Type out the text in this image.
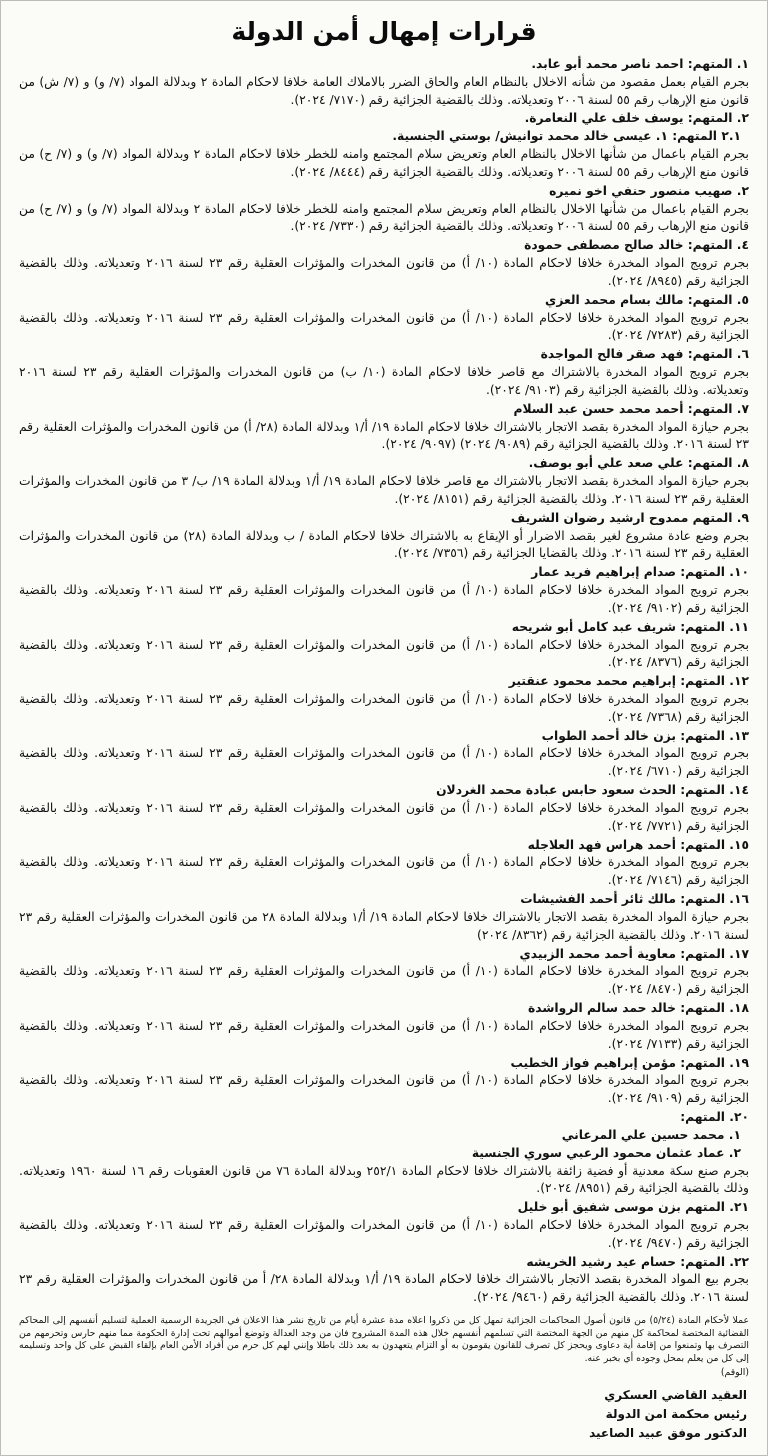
قرارات إمهال أمن الدولة

١. المتهم: احمد ناصر محمد أبو عابد.

بجرم القيام بعمل مقصود من شأنه الاخلال بالنظام العام والحاق الضرر بالاملاك العامة خلافا لاحكام المادة ٢ وبدلالة المواد (٧/ و) و (٧/ ش) من قانون منع الإرهاب رقم ٥٥ لسنة ٢٠٠٦ وتعديلاته. وذلك بالقضية الجزائية رقم (٧١٧٠/ ٢٠٢٤).

٢. المتهم: يوسف خلف علي النعامرة.

٢.١ المتهم: ١. عيسى خالد محمد توانيش/ بوستي الجنسية.

بجرم القيام باعمال من شأنها الاخلال بالنظام العام وتعريض سلام المجتمع وامنه للخطر خلافا لاحكام المادة ٢ وبدلالة المواد (٧/ و) و (٧/ ح) من قانون منع الإرهاب رقم ٥٥ لسنة ٢٠٠٦ وتعديلاته. وذلك بالقضية الجزائية رقم (٨٤٤٤/ ٢٠٢٤).

٢. صهيب منصور حنفي اخو نميره

بجرم القيام باعمال من شأنها الاخلال بالنظام العام وتعريض سلام المجتمع وامنه للخطر خلافا لاحكام المادة ٢ وبدلالة المواد (٧/ و) و (٧/ ح) من قانون منع الإرهاب رقم ٥٥ لسنة ٢٠٠٦ وتعديلاته. وذلك بالقضية الجزائية رقم (٧٣٣٠/ ٢٠٢٤).

٤. المتهم: خالد صالح مصطفى حمودة

بجرم ترويج المواد المخدرة خلافا لاحكام المادة (١٠/ أ) من قانون المخدرات والمؤثرات العقلية رقم ٢٣ لسنة ٢٠١٦ وتعديلاته. وذلك بالقضية الجزائية رقم (٨٩٤٥/ ٢٠٢٤).

٥. المتهم: مالك بسام محمد العزي

بجرم ترويج المواد المخدرة خلافا لاحكام المادة (١٠/ أ) من قانون المخدرات والمؤثرات العقلية رقم ٢٣ لسنة ٢٠١٦ وتعديلاته. وذلك بالقضية الجزائية رقم (٧٢٨٣/ ٢٠٢٤).

٦. المتهم: فهد صقر فالح المواجدة

بجرم ترويج المواد المخدرة بالاشتراك مع قاصر خلافا لاحكام المادة (١٠/ ب) من قانون المخدرات والمؤثرات العقلية رقم ٢٣ لسنة ٢٠١٦ وتعديلاته. وذلك بالقضية الجزائية رقم (٩١٠٣/ ٢٠٢٤).

٧. المتهم: أحمد محمد حسن عبد السلام

بجرم حيازة المواد المخدرة بقصد الاتجار بالاشتراك خلافا لاحكام المادة ١٩/ أ/١ وبدلالة المادة (٢٨/ أ) من قانون المخدرات والمؤثرات العقلية رقم ٢٣ لسنة ٢٠١٦. وذلك بالقضية الجزائية رقم (٩٠٨٩/ ٢٠٢٤) (٩٠٩٧/ ٢٠٢٤).

٨. المتهم: علي صعد علي أبو بوصف.

بجرم حيازة المواد المخدرة بقصد الاتجار بالاشتراك مع قاصر خلافا لاحكام المادة ١٩/ أ/١ وبدلالة المادة ١٩/ ب/ ٣ من قانون المخدرات والمؤثرات العقلية رقم ٢٣ لسنة ٢٠١٦. وذلك بالقضية الجزائية رقم (٨١٥١/ ٢٠٢٤).

٩. المتهم ممدوح ارشيد رضوان الشريف

بجرم وضع عادة مشروع لغير بقصد الاضرار أو الإيقاع به بالاشتراك خلافا لاحكام المادة / ب وبدلالة المادة (٢٨) من قانون المخدرات والمؤثرات العقلية رقم ٢٣ لسنة ٢٠١٦. وذلك بالقضايا الجزائية رقم (٧٣٥٦/ ٢٠٢٤).

١٠. المتهم: صدام إبراهيم فريد عمار

بجرم ترويج المواد المخدرة خلافا لاحكام المادة (١٠/ أ) من قانون المخدرات والمؤثرات العقلية رقم ٢٣ لسنة ٢٠١٦ وتعديلاته. وذلك بالقضية الجزائية رقم (٩١٠٢/ ٢٠٢٤).

١١. المتهم: شريف عبد كامل أبو شريحه

بجرم ترويج المواد المخدرة خلافا لاحكام المادة (١٠/ أ) من قانون المخدرات والمؤثرات العقلية رقم ٢٣ لسنة ٢٠١٦ وتعديلاته. وذلك بالقضية الجزائية رقم (٨٣٧٦/ ٢٠٢٤).

١٢. المتهم: إبراهيم محمد محمود عنقتير

بجرم ترويج المواد المخدرة خلافا لاحكام المادة (١٠/ أ) من قانون المخدرات والمؤثرات العقلية رقم ٢٣ لسنة ٢٠١٦ وتعديلاته. وذلك بالقضية الجزائية رقم (٧٣٦٨/ ٢٠٢٤).

١٣. المتهم: بزن خالد أحمد الطواب

بجرم ترويج المواد المخدرة خلافا لاحكام المادة (١٠/ أ) من قانون المخدرات والمؤثرات العقلية رقم ٢٣ لسنة ٢٠١٦ وتعديلاته. وذلك بالقضية الجزائية رقم (٦٧١٠/ ٢٠٢٤).

١٤. المتهم: الحدث سعود حابس عبادة محمد الغردلان

بجرم ترويج المواد المخدرة خلافا لاحكام المادة (١٠/ أ) من قانون المخدرات والمؤثرات العقلية رقم ٢٣ لسنة ٢٠١٦ وتعديلاته. وذلك بالقضية الجزائية رقم (٧٧٢١/ ٢٠٢٤).

١٥. المتهم: أحمد هراس فهد العلاجله

بجرم ترويج المواد المخدرة خلافا لاحكام المادة (١٠/ أ) من قانون المخدرات والمؤثرات العقلية رقم ٢٣ لسنة ٢٠١٦ وتعديلاته. وذلك بالقضية الجزائية رقم (٧١٤٦/ ٢٠٢٤).

١٦. المتهم: مالك ثائر أحمد الفشيشات

بجرم حيازة المواد المخدرة بقصد الاتجار بالاشتراك خلافا لاحكام المادة ١٩/ أ/١ وبدلالة المادة ٢٨ من قانون المخدرات والمؤثرات العقلية رقم ٢٣ لسنة ٢٠١٦. وذلك بالقضية الجزائية رقم (٨٣٦٢/ ٢٠٢٤)

١٧. المتهم: معاوية أحمد محمد الزبيدي

بجرم ترويج المواد المخدرة خلافا لاحكام المادة (١٠/ أ) من قانون المخدرات والمؤثرات العقلية رقم ٢٣ لسنة ٢٠١٦ وتعديلاته. وذلك بالقضية الجزائية رقم (٨٤٧٠/ ٢٠٢٤).

١٨. المتهم: خالد حمد سالم الرواشدة

بجرم ترويج المواد المخدرة خلافا لاحكام المادة (١٠/ أ) من قانون المخدرات والمؤثرات العقلية رقم ٢٣ لسنة ٢٠١٦ وتعديلاته. وذلك بالقضية الجزائية رقم (٧١٣٣/ ٢٠٢٤).

١٩. المتهم: مؤمن إبراهيم فواز الخطيب

بجرم ترويج المواد المخدرة خلافا لاحكام المادة (١٠/ أ) من قانون المخدرات والمؤثرات العقلية رقم ٢٣ لسنة ٢٠١٦ وتعديلاته. وذلك بالقضية الجزائية رقم (٩١٠٩/ ٢٠٢٤).

٢٠. المتهم:

١. محمد حسين علي المرعاني

٢. عماد عثمان محمود الرعبي سوري الجنسية

بجرم صنع سكة معدنية أو فضية زائفة بالاشتراك خلافا لاحكام المادة ٢٥٢/١ وبدلالة المادة ٧٦ من قانون العقوبات رقم ١٦ لسنة ١٩٦٠ وتعديلاته. وذلك بالقضية الجزائية رقم (٨٩٥١/ ٢٠٢٤).

٢١. المتهم بزن موسى شفيق أبو خليل

بجرم ترويج المواد المخدرة خلافا لاحكام المادة (١٠/ أ) من قانون المخدرات والمؤثرات العقلية رقم ٢٣ لسنة ٢٠١٦ وتعديلاته. وذلك بالقضية الجزائية رقم (٩٤٧٠/ ٢٠٢٤).

٢٢. المتهم: حسام عيد رشيد الخريشه

بجرم بيع المواد المخدرة بقصد الاتجار بالاشتراك خلافا لاحكام المادة ١٩/ أ/١ وبدلالة المادة ٢٨/ أ من قانون المخدرات والمؤثرات العقلية رقم ٢٣ لسنة ٢٠١٦. وذلك بالقضية الجزائية رقم (٩٤٦٠/ ٢٠٢٤).

عملا لأحكام المادة (٥/٢٤) من قانون أصول المحاكمات الجزائية تمهل كل من ذكروا اعلاه مدة عشرة أيام من تاريخ نشر هذا الاعلان في الجريدة الرسمية العملية لتسليم أنفسهم إلى المحاكم القضائية المختصة لمحاكمة كل منهم من الجهة المختصة التي تسلمهم أنفسهم خلال هذه المدة المشروح فان من وجد العدالة وتوضع أموالهم تحت إدارة الحكومة مما منهم حارس وتحرمهم من التصرف بها وتمنعوا من إقامة أية دعاوى ويحجز كل تصرف للقانون يقومون به أو التزام يتعهدون به بعد ذلك باطلا وإنني لهم كل حرم من أفراد الأمن العام بإلقاء القبض على كل واحد وتسليمه إلى كل من يعلم بمحل وجوده أي بخبر عنه.
(الوقم)
العقيد القاضي العسكري
رئيس محكمة امن الدولة
الدكتور موفق عبيد الصاعيد
